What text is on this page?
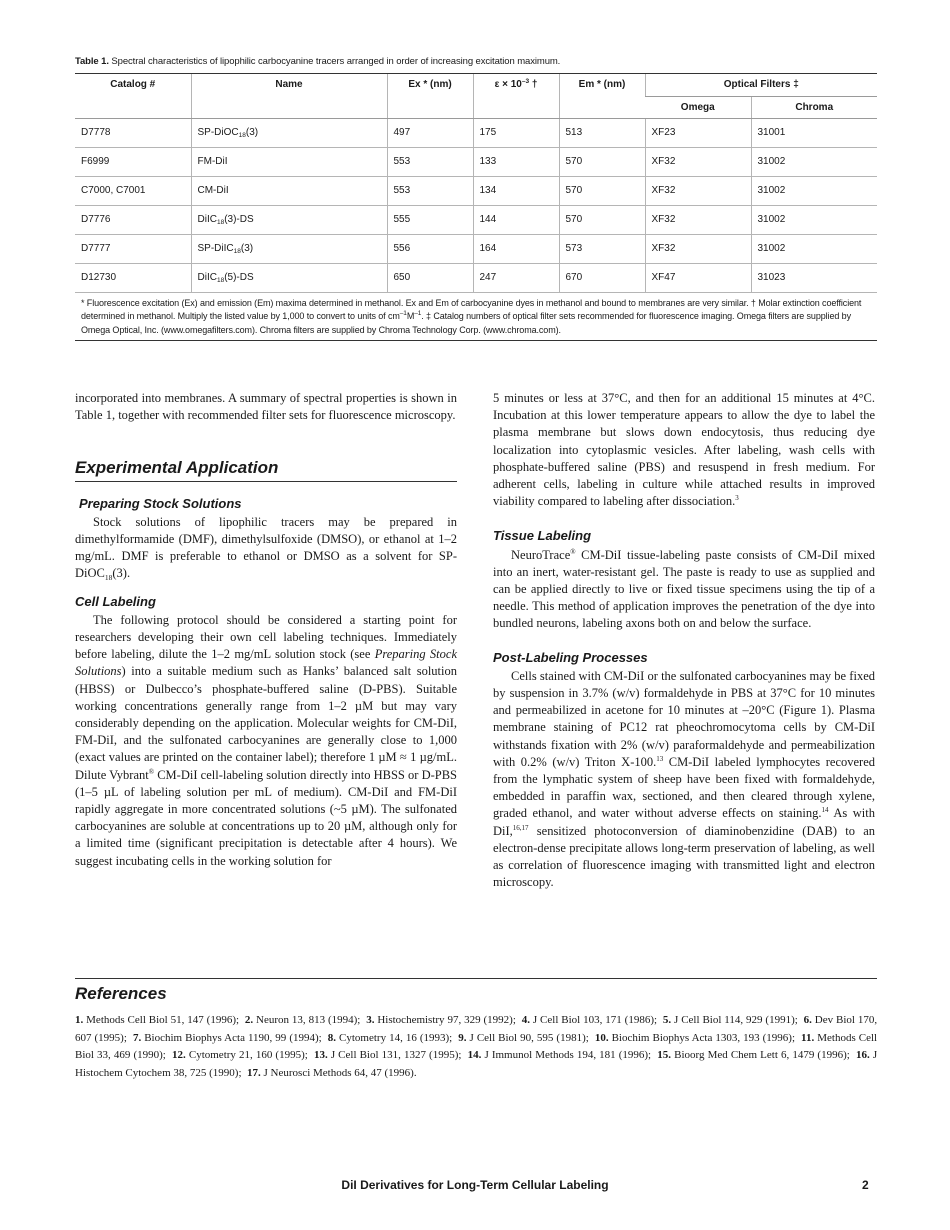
Table 1. Spectral characteristics of lipophilic carbocyanine tracers arranged in order of increasing excitation maximum.
Catalog #	Name	Ex * (nm)	$\varepsilon \times 10^{-3}$ †	Em * (nm)	Optical Filters ‡	
					Omega	Chroma
D7778	SP-DiOC$_{18}$(3)	497	175	513	XF23	31001
F6999	FM-DiI	553	133	570	XF32	31002
C7000, C7001	CM-DiI	553	134	570	XF32	31002
D7776	DiIC$_{18}$(3)-DS	555	144	570	XF32	31002
D7777	SP-DiIC$_{18}$(3)	556	164	573	XF32	31002
D12730	DiIC$_{18}$(5)-DS	650	247	670	XF47	31023
* Fluorescence excitation (Ex) and emission (Em) maxima determined in methanol. Ex and Em of carbocyanine dyes in methanol and bound to membranes are very similar. † Molar extinction coefficient determined in methanol. Multiply the listed value by 1,000 to convert to units of $cm^{-1}M^{-1}$. ‡ Catalog numbers of optical filter sets recommended for fluorescence imaging. Omega filters are supplied by Omega Optical, Inc. (www.omegafilters.com). Chroma filters are supplied by Chroma Technology Corp. (www.chroma.com).

incorporated into membranes. A summary of spectral properties is shown in Table 1, together with recommended filter sets for fluorescence microscopy.

Experimental Application
Preparing Stock Solutions

Stock solutions of lipophilic tracers may be prepared in dimethylformamide (DMF), dimethylsulfoxide (DMSO), or ethanol at 1–2 mg/mL. DMF is preferable to ethanol or DMSO as a solvent for SP-DiOC$_{18}$(3).

Cell Labeling

The following protocol should be considered a starting point for researchers developing their own cell labeling techniques. Immediately before labeling, dilute the 1–2 mg/mL solution stock (see Preparing Stock Solutions) into a suitable medium such as Hanks’ balanced salt solution (HBSS) or Dulbecco’s phosphate-buffered saline (D-PBS). Suitable working concentrations generally range from 1–2 µM but may vary considerably depending on the application. Molecular weights for CM-DiI, FM-DiI, and the sulfonated carbocyanines are generally close to 1,000 (exact values are printed on the container label); therefore 1 µM ≈ 1 µg/mL. Dilute Vybrant® CM-DiI cell-labeling solution directly into HBSS or D-PBS (1–5 µL of labeling solution per mL of medium). CM-DiI and FM-DiI rapidly aggregate in more concentrated solutions (~5 µM). The sulfonated carbocyanines are soluble at concentrations up to 20 µM, although only for a limited time (significant precipitation is detectable after 4 hours). We suggest incubating cells in the working solution for

5 minutes or less at 37°C, and then for an additional 15 minutes at 4°C. Incubation at this lower temperature appears to allow the dye to label the plasma membrane but slows down endocytosis, thus reducing dye localization into cytoplasmic vesicles. After labeling, wash cells with phosphate-buffered saline (PBS) and resuspend in fresh medium. For adherent cells, labeling in culture while attached results in improved viability compared to labeling after dissociation.$^3$

Tissue Labeling

NeuroTrace® CM-DiI tissue-labeling paste consists of CM-DiI mixed into an inert, water-resistant gel. The paste is ready to use as supplied and can be applied directly to live or fixed tissue specimens using the tip of a needle. This method of application improves the penetration of the dye into bundled neurons, labeling axons both on and below the surface.

Post-Labeling Processes

Cells stained with CM-DiI or the sulfonated carbocyanines may be fixed by suspension in 3.7% (w/v) formaldehyde in PBS at 37°C for 10 minutes and permeabilized in acetone for 10 minutes at –20°C (Figure 1). Plasma membrane staining of PC12 rat pheochromocytoma cells by CM-DiI withstands fixation with 2% (w/v) paraformaldehyde and permeabilization with 0.2% (w/v) Triton X-100.13 CM-DiI labeled lymphocytes recovered from the lymphatic system of sheep have been fixed with formaldehyde, embedded in paraffin wax, sectioned, and then cleared through xylene, graded ethanol, and water without adverse effects on staining.$^{14}$ As with DiI,$^{16,17}$ sensitized photoconversion of diaminobenzidine (DAB) to an electron-dense precipitate allows long-term preservation of labeling, as well as correlation of fluorescence imaging with transmitted light and electron microscopy.

References
1. Methods Cell Biol 51, 147 (1996); 2. Neuron 13, 813 (1994); 3. Histochemistry 97, 329 (1992); 4. J Cell Biol 103, 171 (1986); 5. J Cell Biol 114, 929 (1991); 6. Dev Biol 170, 607 (1995); 7. Biochim Biophys Acta 1190, 99 (1994); 8. Cytometry 14, 16 (1993); 9. J Cell Biol 90, 595 (1981); 10. Biochim Biophys Acta 1303, 193 (1996); 11. Methods Cell Biol 33, 469 (1990); 12. Cytometry 21, 160 (1995); 13. J Cell Biol 131, 1327 (1995); 14. J Immunol Methods 194, 181 (1996); 15. Bioorg Med Chem Lett 6, 1479 (1996); 16. J Histochem Cytochem 38, 725 (1990); 17. J Neurosci Methods 64, 47 (1996).
DiI Derivatives for Long-Term Cellular Labeling	2
